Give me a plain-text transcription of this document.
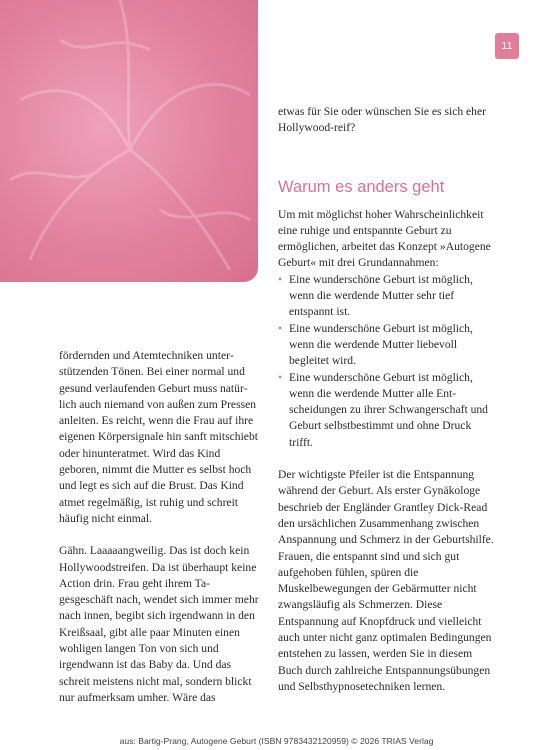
11

fördernden und Atemtechniken unterstützenden Tönen. Bei einer normal und gesund verlaufenden Geburt muss natürlich auch niemand von außen zum Pressen anleiten. Es reicht, wenn die Frau auf ihre eigenen Körpersignale hin sanft mitschiebt oder hinunteratmet. Wird das Kind geboren, nimmt die Mutter es selbst hoch und legt es sich auf die Brust. Das Kind atmet regelmäßig, ist ruhig und schreit häufig nicht einmal.

Gähn. Laaaaangweilig. Das ist doch kein Hollywoodstreifen. Da ist überhaupt keine Action drin. Frau geht ihrem Tagesgeschäft nach, wendet sich immer mehr nach innen, begibt sich irgendwann in den Kreißsaal, gibt alle paar Minuten einen wohligen langen Ton von sich und irgendwann ist das Baby da. Und das schreit meistens nicht mal, sondern blickt nur aufmerksam umher. Wäre das

etwas für Sie oder wünschen Sie es sich eher Hollywood-reif?

Warum es anders geht

Um mit möglichst hoher Wahrscheinlichkeit eine ruhige und entspannte Geburt zu ermöglichen, arbeitet das Konzept »Autogene Geburt« mit drei Grundannahmen:

• Eine wunderschöne Geburt ist möglich, wenn die werdende Mutter sehr tief entspannt ist.
• Eine wunderschöne Geburt ist möglich, wenn die werdende Mutter liebevoll begleitet wird.
• Eine wunderschöne Geburt ist möglich, wenn die werdende Mutter alle Entscheidungen zu ihrer Schwangerschaft und Geburt selbstbestimmt und ohne Druck trifft.

Der wichtigste Pfeiler ist die Entspannung während der Geburt. Als erster Gynäkologe beschrieb der Engländer Grantley Dick-Read den ursächlichen Zusammenhang zwischen Anspannung und Schmerz in der Geburtshilfe. Frauen, die entspannt sind und sich gut aufgehoben fühlen, spüren die Muskelbewegungen der Gebärmutter nicht zwangsläufig als Schmerzen. Diese Entspannung auf Knopfdruck und vielleicht auch unter nicht ganz optimalen Bedingungen entstehen zu lassen, werden Sie in diesem Buch durch zahlreiche Entspannungsübungen und Selbsthypnosetechniken lernen.

aus: Bartig-Prang, Autogene Geburt (ISBN 9783432120959) © 2026 TRIAS Verlag
